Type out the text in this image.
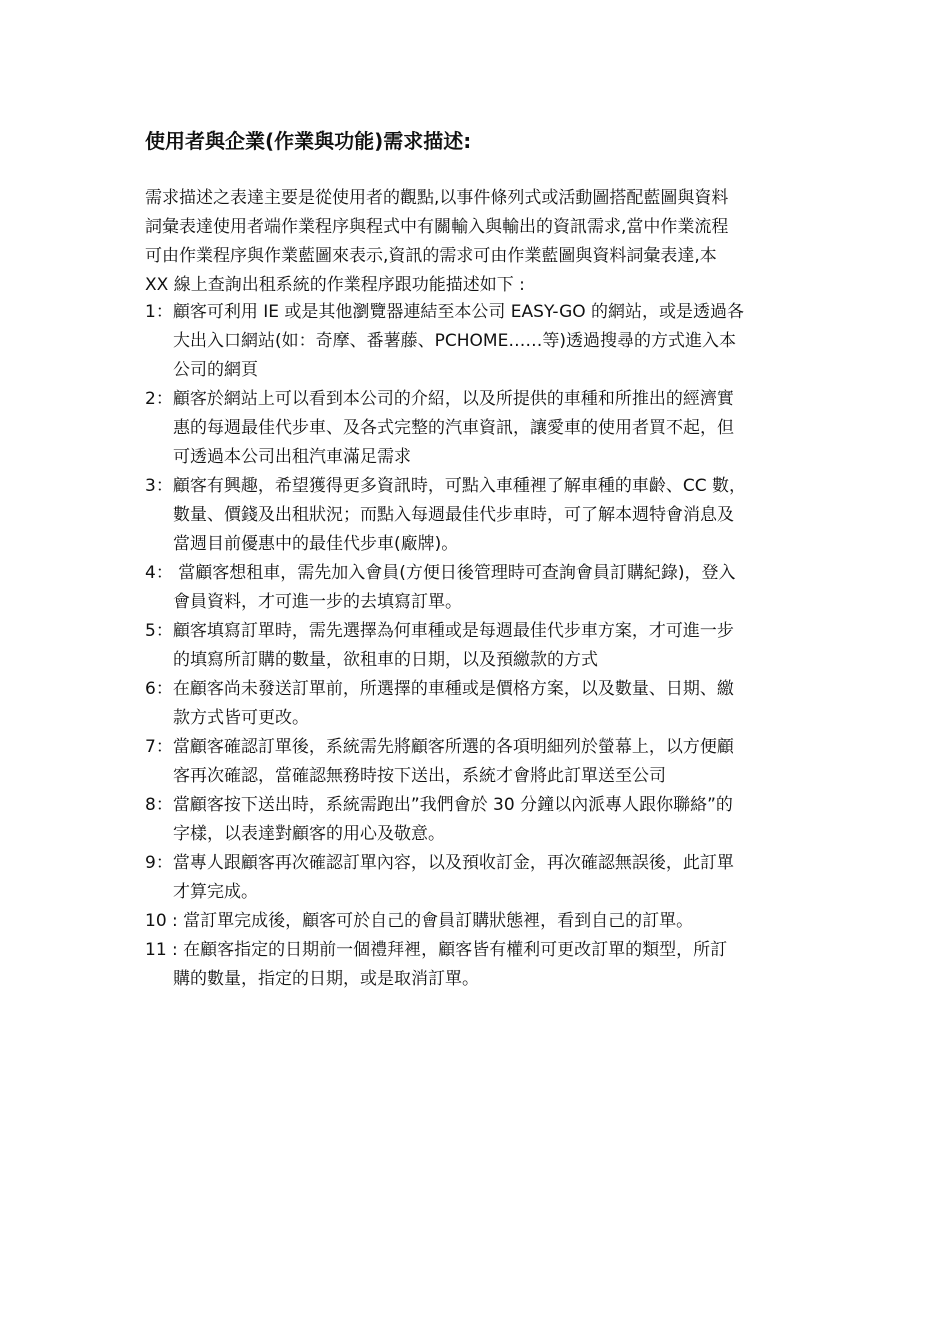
使用者與企業(作業與功能)需求描述:
需求描述之表達主要是從使用者的觀點,以事件條列式或活動圖搭配藍圖與資料
詞彙表達使用者端作業程序與程式中有關輸入與輸出的資訊需求,當中作業流程
可由作業程序與作業藍圖來表示,資訊的需求可由作業藍圖與資料詞彙表達,本
XX 線上查詢出租系統的作業程序跟功能描述如下 :
1：顧客可利用 IE 或是其他瀏覽器連結至本公司 EASY-GO 的網站，或是透過各
大出入口網站(如：奇摩、番薯藤、PCHOME……等)透過搜尋的方式進入本
公司的網頁
2：顧客於網站上可以看到本公司的介紹，以及所提供的車種和所推出的經濟實
惠的每週最佳代步車、及各式完整的汽車資訊，讓愛車的使用者買不起，但
可透過本公司出租汽車滿足需求
3：顧客有興趣，希望獲得更多資訊時，可點入車種裡了解車種的車齡、CC 數，
數量、價錢及出租狀況；而點入每週最佳代步車時，可了解本週特會消息及
當週目前優惠中的最佳代步車(廠牌)。
4： 當顧客想租車，需先加入會員(方便日後管理時可查詢會員訂購紀錄)，登入
會員資料，才可進一步的去填寫訂單。
5：顧客填寫訂單時，需先選擇為何車種或是每週最佳代步車方案，才可進一步
的填寫所訂購的數量，欲租車的日期，以及預繳款的方式
6：在顧客尚未發送訂單前，所選擇的車種或是價格方案，以及數量、日期、繳
款方式皆可更改。
7：當顧客確認訂單後，系統需先將顧客所選的各項明細列於螢幕上，以方便顧
客再次確認，當確認無務時按下送出，系統才會將此訂單送至公司
8：當顧客按下送出時，系統需跑出”我們會於 30 分鐘以內派專人跟你聯絡”的
字樣，以表達對顧客的用心及敬意。
9：當專人跟顧客再次確認訂單內容，以及預收訂金，再次確認無誤後，此訂單
才算完成。
10 : 當訂單完成後，顧客可於自己的會員訂購狀態裡，看到自己的訂單。
11 : 在顧客指定的日期前一個禮拜裡，顧客皆有權利可更改訂單的類型，所訂
購的數量，指定的日期，或是取消訂單。
